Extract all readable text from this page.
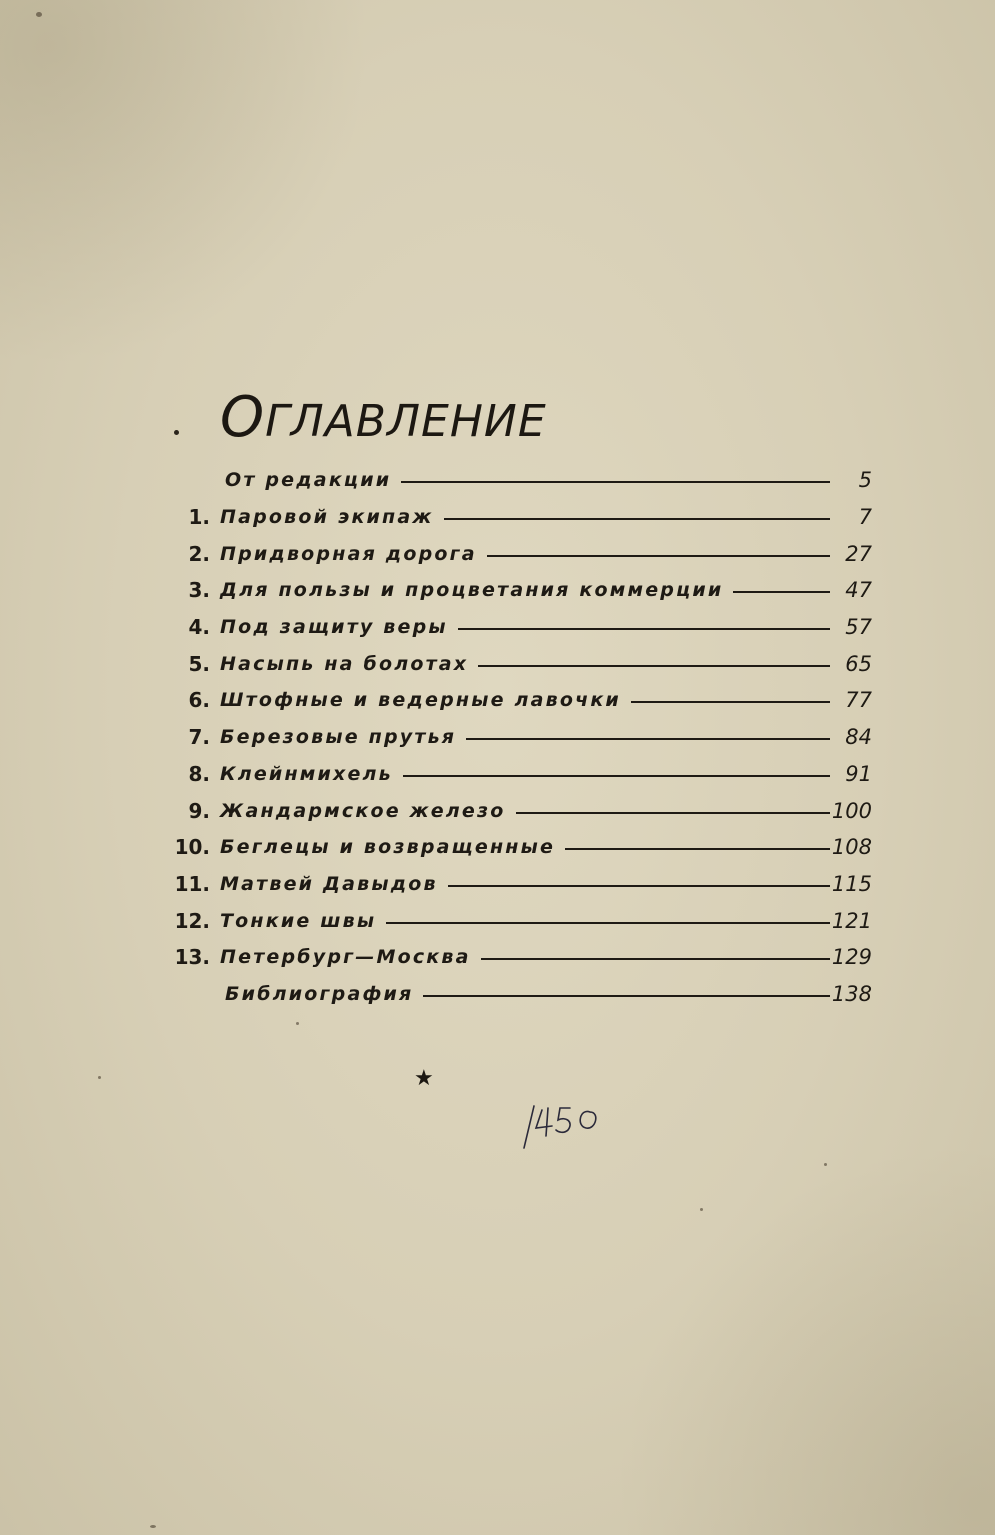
ОГЛАВЛЕНИЕ
От редакции	5
1. Паровой экипаж	7
2. Придворная дорога	27
3. Для пользы и процветания коммерции	47
4. Под защиту веры	57
5. Насыпь на болотах	65
6. Штофные и ведерные лавочки	77
7. Березовые прутья	84
8. Клейнмихель	91
9. Жандармское железо	100
10. Беглецы и возвращенные	108
11. Матвей Давыдов	115
12. Тонкие швы	121
13. Петербург—Москва	129
Библиография	138
★
